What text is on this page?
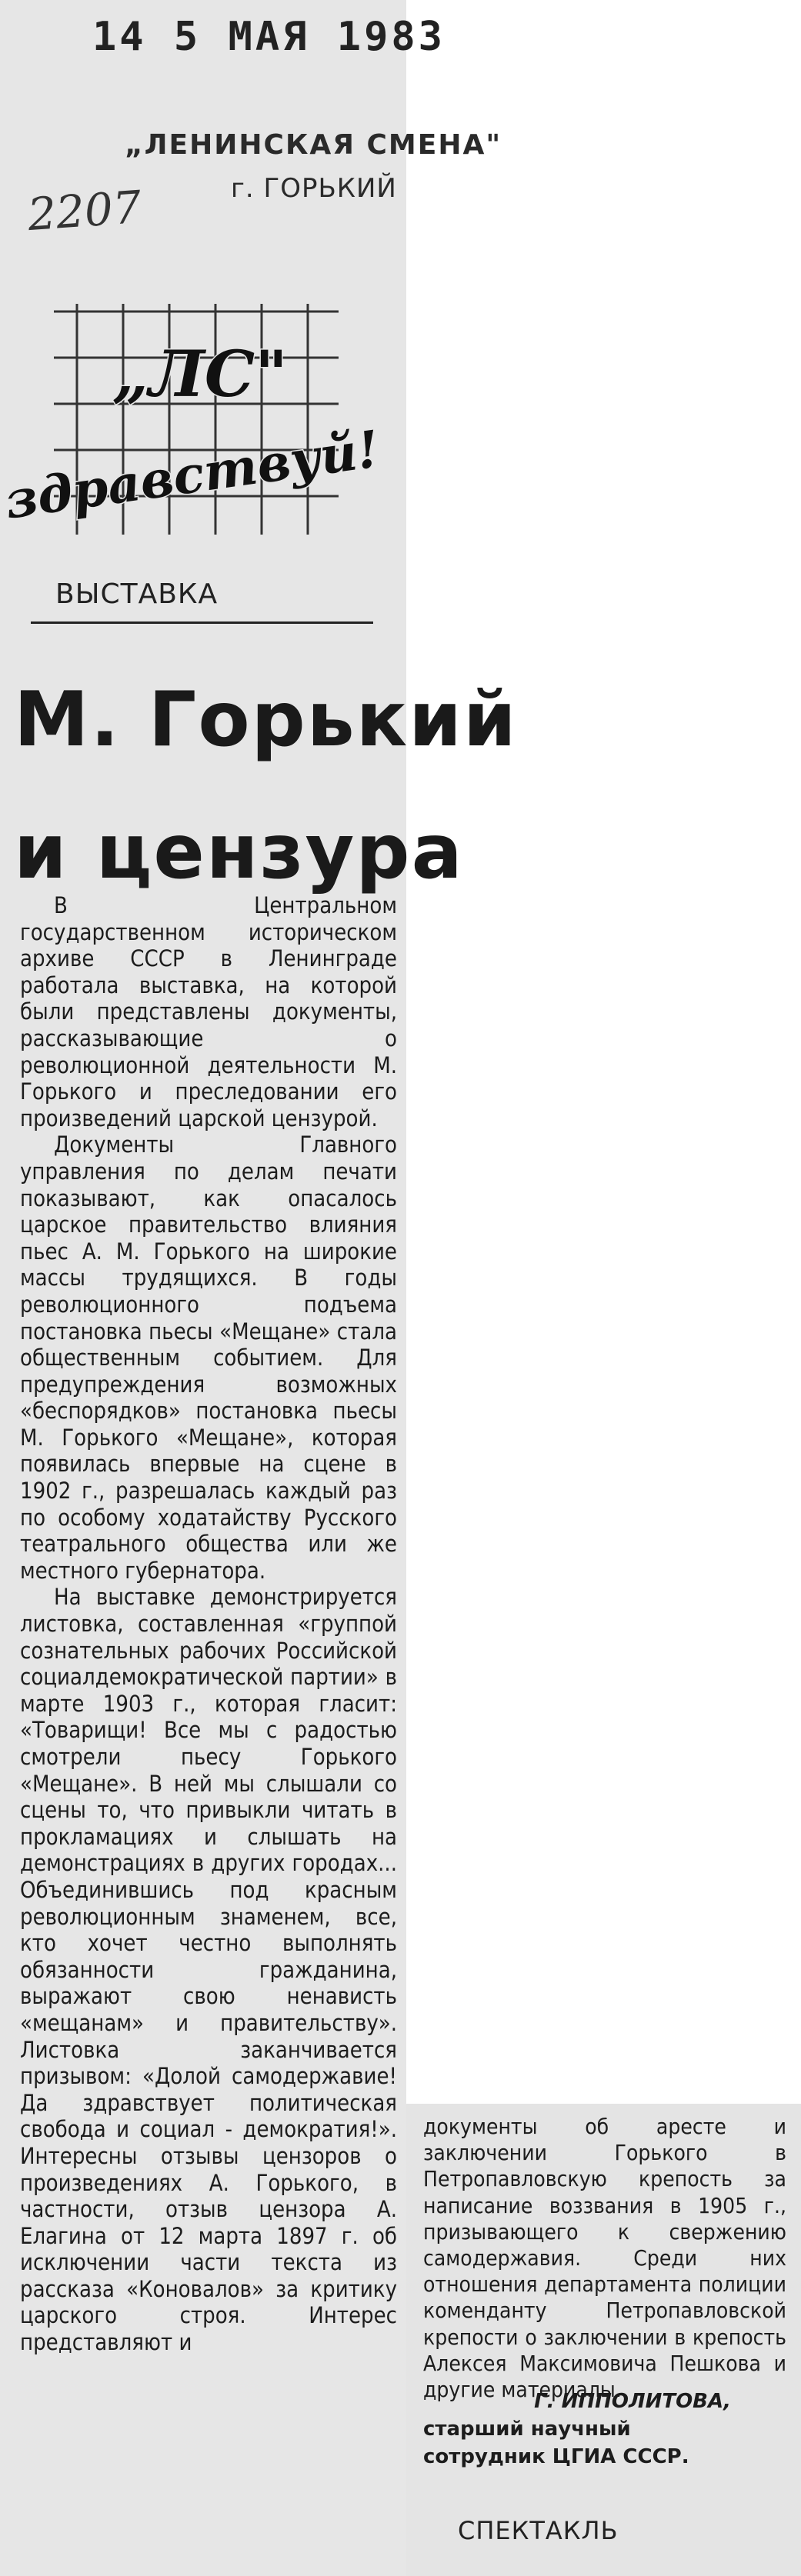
14 5 МАЯ 1983
„ЛЕНИНСКАЯ СМЕНА"
г. ГОРЬКИЙ
2207
„ЛС"
здравствуй!
ВЫСТАВКА
М. Горький
и цензура

В Центральном государственном историческом архиве СССР в Ленинграде работала выставка, на которой были представлены документы, рассказывающие о революционной деятельности М. Горького и преследовании его произведений царской цензурой.

Документы Главного управления по делам печати показывают, как опасалось царское правительство влияния пьес А. М. Горького на широкие массы трудящихся. В годы революционного подъема постановка пьесы «Мещане» стала общественным событием. Для предупреждения возможных «беспорядков» постановка пьесы М. Горького «Мещане», которая появилась впервые на сцене в 1902 г., разрешалась каждый раз по особому ходатайству Русского театрального общества или же местного губернатора.

На выставке демонстрируется листовка, составленная «группой сознательных рабочих Российской социалдемократической партии» в марте 1903 г., которая гласит: «Товарищи! Все мы с радостью смотрели пьесу Горького «Мещане». В ней мы слышали со сцены то, что привыкли читать в прокламациях и слышать на демонстрациях в других городах... Объединившись под красным революционным знаменем, все, кто хочет честно выполнять обязанности гражданина, выражают свою ненависть «мещанам» и правительству». Листовка заканчивается призывом: «Долой самодержавие! Да здравствует политическая свобода и социал - демократия!». Интересны отзывы цензоров о произведениях А. Горького, в частности, отзыв цензора А. Елагина от 12 марта 1897 г. об исключении части текста из рассказа «Коновалов» за критику царского строя. Интерес представляют и

документы об аресте и заключении Горького в Петропавловскую крепость за написание воззвания в 1905 г., призывающего к свержению самодержавия. Среди них отношения департамента полиции коменданту Петропавловской крепости о заключении в крепость Алексея Максимовича Пешкова и другие материалы.

Г. ИППОЛИТОВА,
старший научный сотрудник ЦГИА СССР.
СПЕКТАКЛЬ
